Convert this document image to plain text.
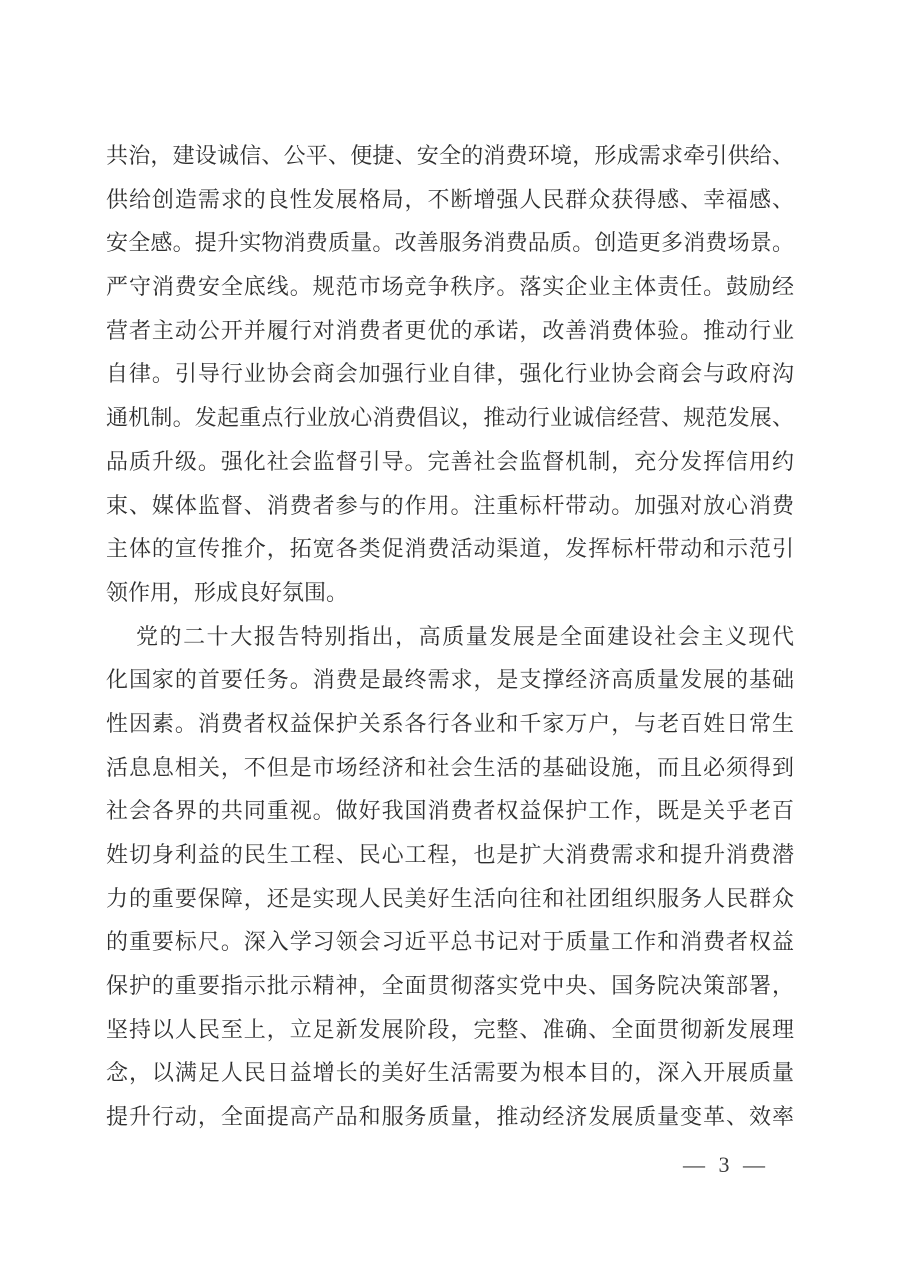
共治，建设诚信、公平、便捷、安全的消费环境，形成需求牵引供给、
供给创造需求的良性发展格局，不断增强人民群众获得感、幸福感、
安全感。提升实物消费质量。改善服务消费品质。创造更多消费场景。
严守消费安全底线。规范市场竞争秩序。落实企业主体责任。鼓励经
营者主动公开并履行对消费者更优的承诺，改善消费体验。推动行业
自律。引导行业协会商会加强行业自律，强化行业协会商会与政府沟
通机制。发起重点行业放心消费倡议，推动行业诚信经营、规范发展、
品质升级。强化社会监督引导。完善社会监督机制，充分发挥信用约
束、媒体监督、消费者参与的作用。注重标杆带动。加强对放心消费
主体的宣传推介，拓宽各类促消费活动渠道，发挥标杆带动和示范引
领作用，形成良好氛围。
党的二十大报告特别指出，高质量发展是全面建设社会主义现代
化国家的首要任务。消费是最终需求，是支撑经济高质量发展的基础
性因素。消费者权益保护关系各行各业和千家万户，与老百姓日常生
活息息相关，不但是市场经济和社会生活的基础设施，而且必须得到
社会各界的共同重视。做好我国消费者权益保护工作，既是关乎老百
姓切身利益的民生工程、民心工程，也是扩大消费需求和提升消费潜
力的重要保障，还是实现人民美好生活向往和社团组织服务人民群众
的重要标尺。深入学习领会习近平总书记对于质量工作和消费者权益
保护的重要指示批示精神，全面贯彻落实党中央、国务院决策部署，
坚持以人民至上，立足新发展阶段，完整、准确、全面贯彻新发展理
念，以满足人民日益增长的美好生活需要为根本目的，深入开展质量
提升行动，全面提高产品和服务质量，推动经济发展质量变革、效率
— 3 —
